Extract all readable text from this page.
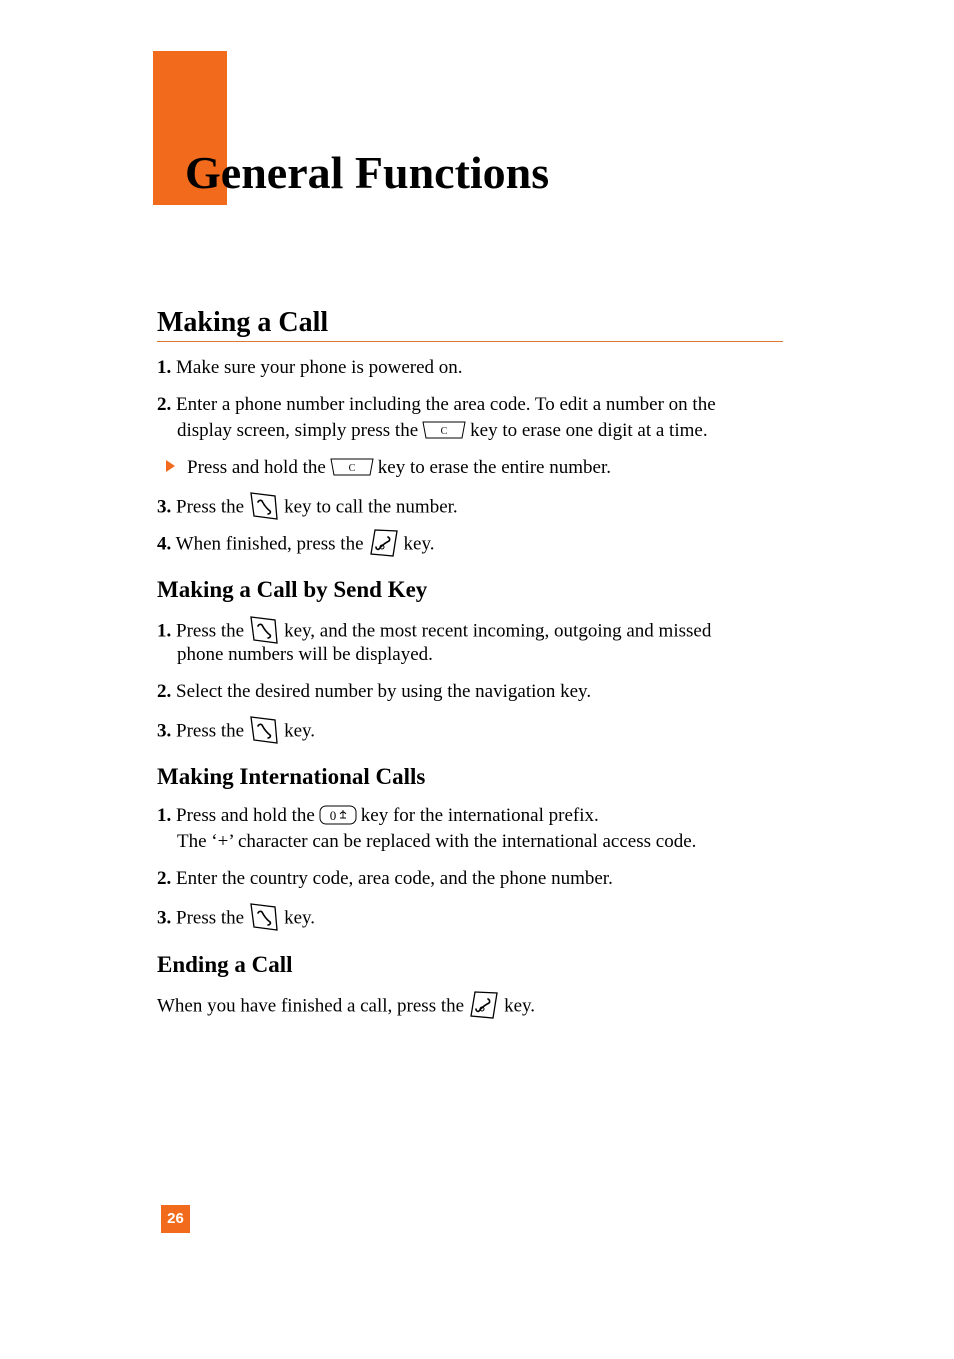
General Functions
Making a Call
1. Make sure your phone is powered on.
2. Enter a phone number including the area code. To edit a number on the
display screen, simply press the C key to erase one digit at a time.
Press and hold the C key to erase the entire number.
3. Press the key to call the number.
4. When finished, press the key.
Making a Call by Send Key
1. Press the key, and the most recent incoming, outgoing and missed
phone numbers will be displayed.
2. Select the desired number by using the navigation key.
3. Press the key.
Making International Calls
1. Press and hold the 0 key for the international prefix.
The ‘+’ character can be replaced with the international access code.
2. Enter the country code, area code, and the phone number.
3. Press the key.
Ending a Call
When you have finished a call, press the key.
26
